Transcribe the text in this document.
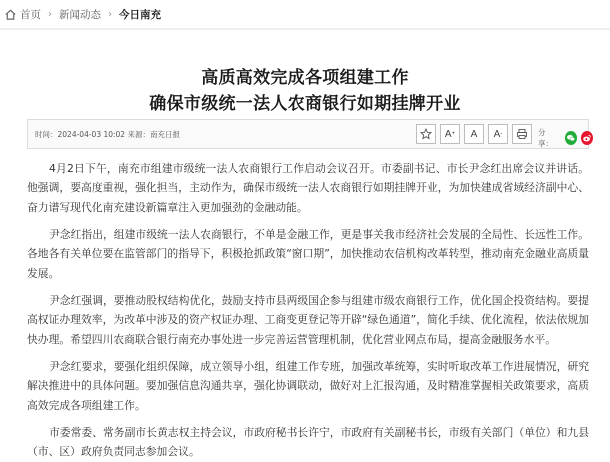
首页 › 新闻动态 › 今日南充
高质高效完成各项组建工作
确保市级统一法人农商银行如期挂牌开业
时间：2024-04-03 10:02 来源：南充日报	A + A A -	分享：

4月2日下午，南充市组建市级统一法人农商银行工作启动会议召开。市委副书记、市长尹念红出席会议并讲话。他强调，要高度重视，强化担当，主动作为，确保市级统一法人农商银行如期挂牌开业，为加快建成省域经济副中心、奋力谱写现代化南充建设新篇章注入更加强劲的金融动能。

尹念红指出，组建市级统一法人农商银行，不单是金融工作，更是事关我市经济社会发展的全局性、长远性工作。各地各有关单位要在监管部门的指导下，积极抢抓政策“窗口期”，加快推动农信机构改革转型，推动南充金融业高质量发展。

尹念红强调，要推动股权结构优化，鼓励支持市县两级国企参与组建市级农商银行工作，优化国企投资结构。要提高权证办理效率，为改革中涉及的资产权证办理、工商变更登记等开辟“绿色通道”，简化手续、优化流程，依法依规加快办理。希望四川农商联合银行南充办事处进一步完善运营管理机制，优化营业网点布局，提高金融服务水平。

尹念红要求，要强化组织保障，成立领导小组，组建工作专班，加强改革统筹，实时听取改革工作进展情况，研究解决推进中的具体问题。要加强信息沟通共享，强化协调联动，做好对上汇报沟通，及时精准掌握相关政策要求，高质高效完成各项组建工作。

市委常委、常务副市长黄志权主持会议，市政府秘书长许宁，市政府有关副秘书长，市级有关部门（单位）和九县（市、区）政府负责同志参加会议。
